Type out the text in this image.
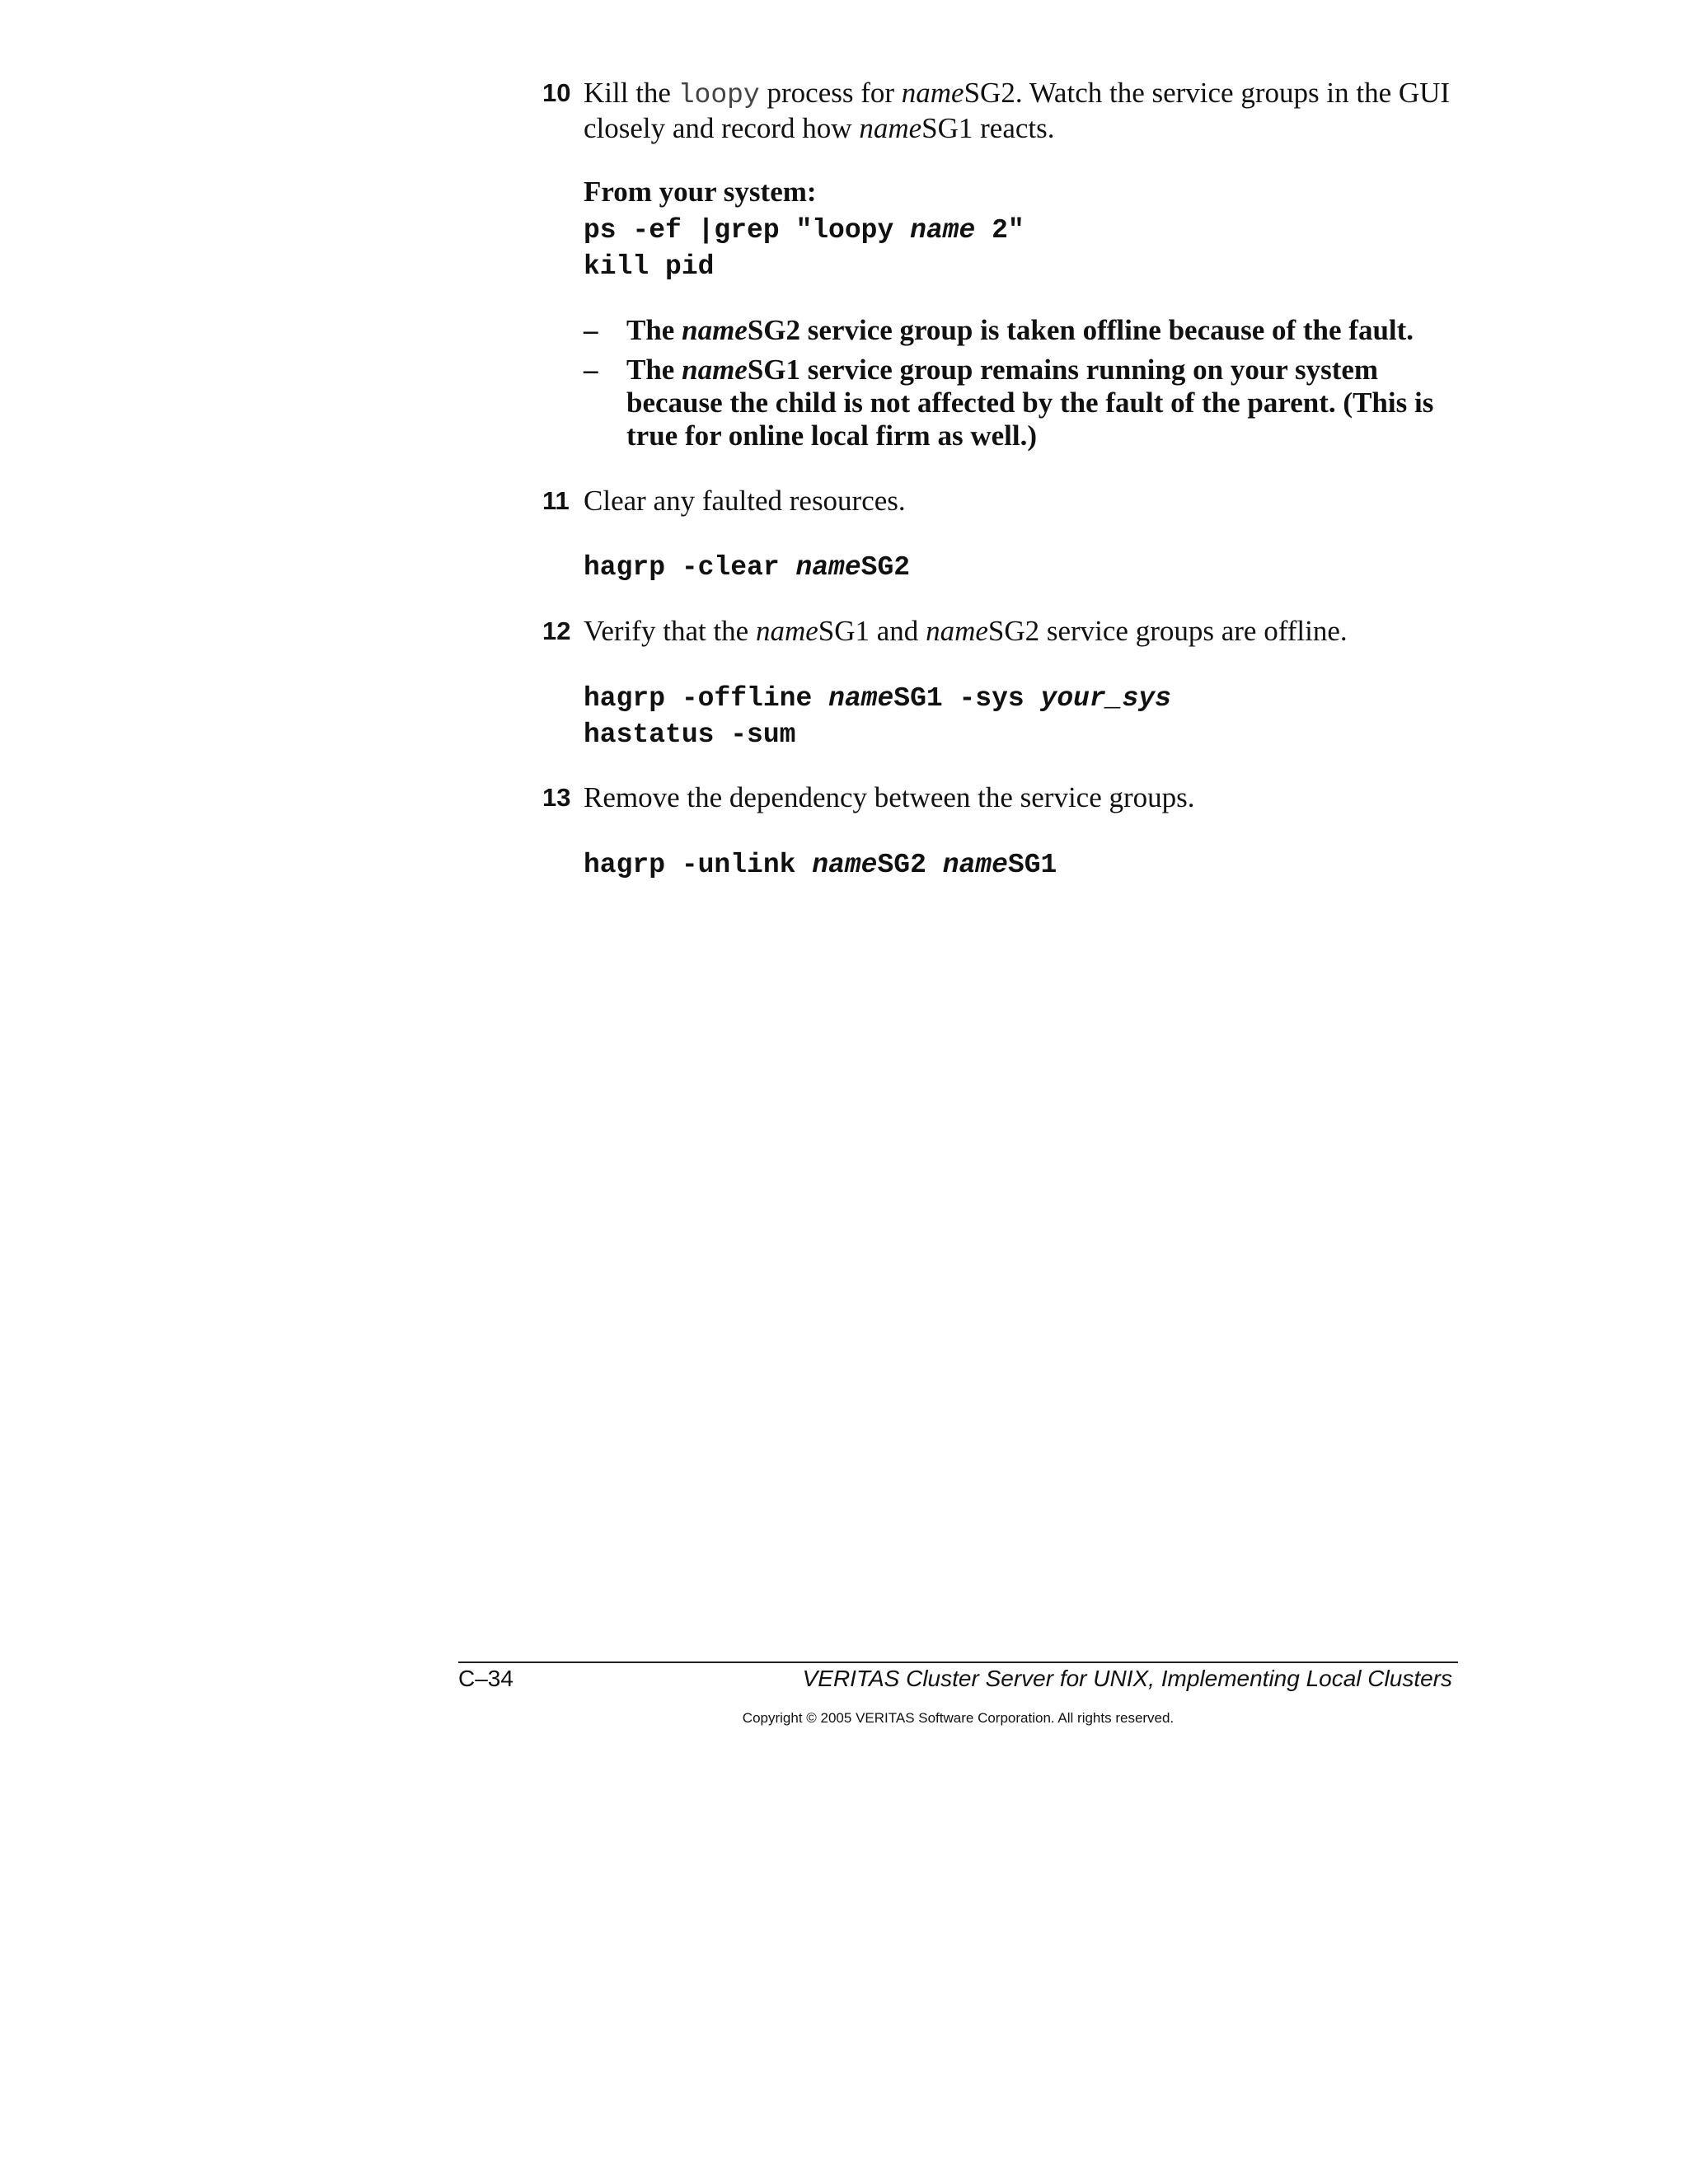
10 Kill the loopy process for nameSG2. Watch the service groups in the GUI closely and record how nameSG1 reacts.
From your system:
ps -ef |grep "loopy name 2"
kill pid
– The nameSG2 service group is taken offline because of the fault.
– The nameSG1 service group remains running on your system because the child is not affected by the fault of the parent. (This is true for online local firm as well.)
11 Clear any faulted resources.
hagrp -clear nameSG2
12 Verify that the nameSG1 and nameSG2 service groups are offline.
hagrp -offline nameSG1 -sys your_sys
hastatus -sum
13 Remove the dependency between the service groups.
hagrp -unlink nameSG2 nameSG1
C–34	VERITAS Cluster Server for UNIX, Implementing Local Clusters
Copyright © 2005 VERITAS Software Corporation. All rights reserved.
